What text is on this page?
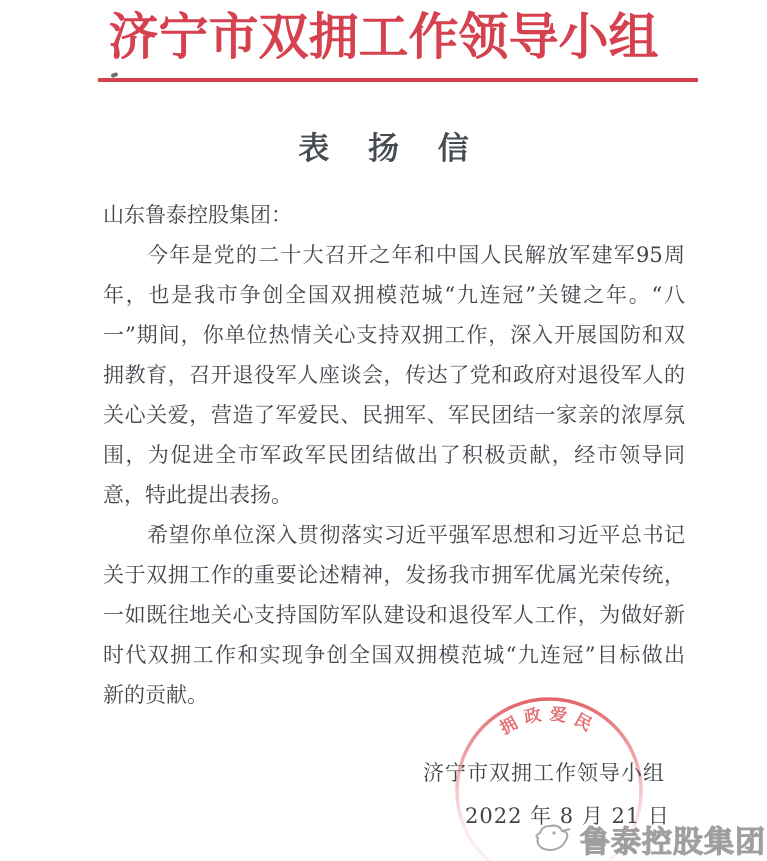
济宁市双拥工作领导小组
表 扬 信
山东鲁泰控股集团：
今年是党的二十大召开之年和中国人民解放军建军95周
年，也是我市争创全国双拥模范城“九连冠”关键之年。“八
一”期间，你单位热情关心支持双拥工作，深入开展国防和双
拥教育，召开退役军人座谈会，传达了党和政府对退役军人的
关心关爱，营造了军爱民、民拥军、军民团结一家亲的浓厚氛
围，为促进全市军政军民团结做出了积极贡献，经市领导同
意，特此提出表扬。
希望你单位深入贯彻落实习近平强军思想和习近平总书记
关于双拥工作的重要论述精神，发扬我市拥军优属光荣传统，
一如既往地关心支持国防军队建设和退役军人工作，为做好新
时代双拥工作和实现争创全国双拥模范城“九连冠”目标做出
新的贡献。
拥政爱民
济宁市双拥工作领导小组
2022 年 8 月 21 日
鲁泰控股集团
